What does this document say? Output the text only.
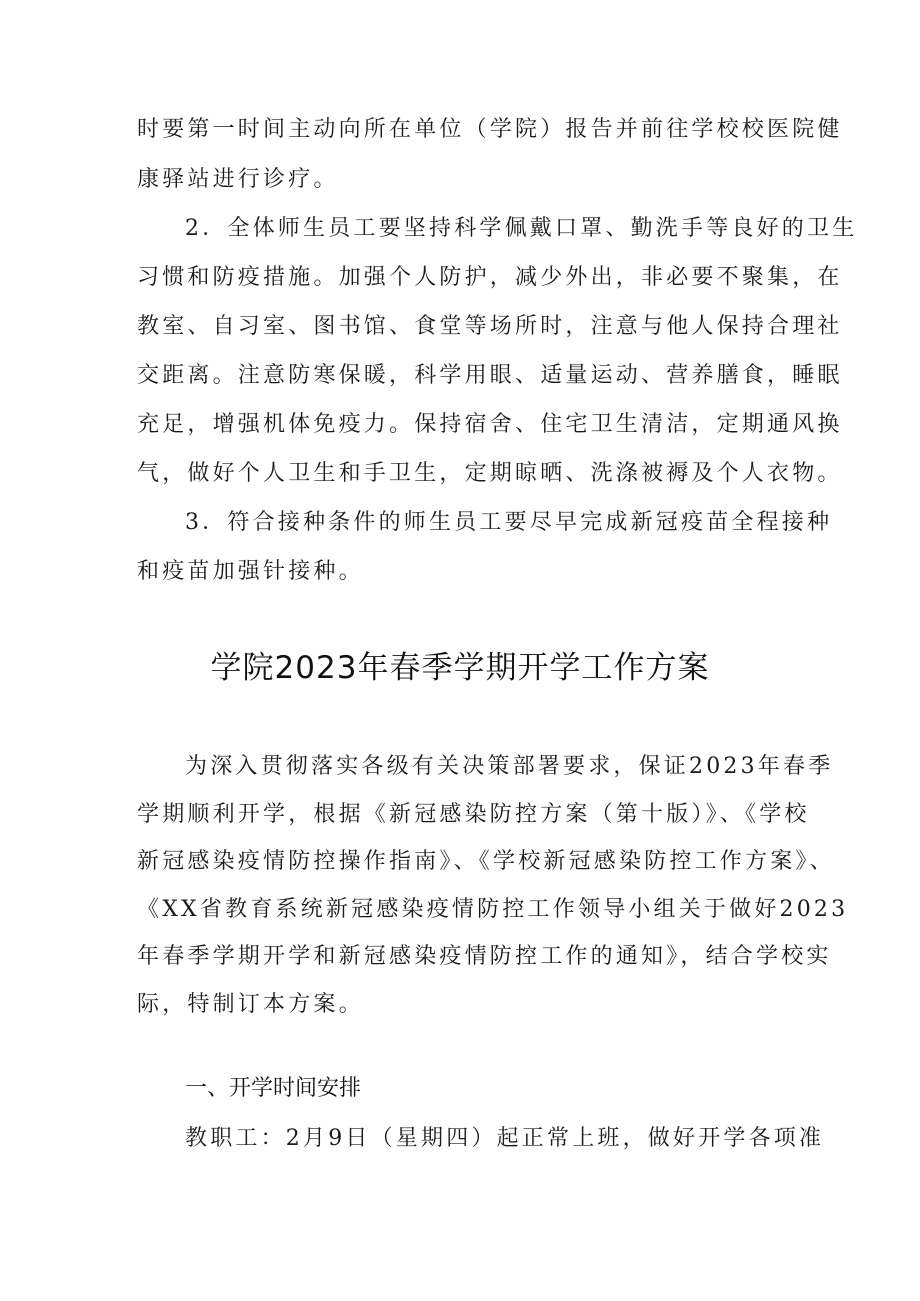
时要第一时间主动向所在单位（学院）报告并前往学校校医院健
康驿站进行诊疗。
2．全体师生员工要坚持科学佩戴口罩、勤洗手等良好的卫生
习惯和防疫措施。加强个人防护，减少外出，非必要不聚集，在
教室、自习室、图书馆、食堂等场所时，注意与他人保持合理社
交距离。注意防寒保暖，科学用眼、适量运动、营养膳食，睡眠
充足，增强机体免疫力。保持宿舍、住宅卫生清洁，定期通风换
气，做好个人卫生和手卫生，定期晾晒、洗涤被褥及个人衣物。
3．符合接种条件的师生员工要尽早完成新冠疫苗全程接种
和疫苗加强针接种。
学院2023年春季学期开学工作方案
为深入贯彻落实各级有关决策部署要求，保证2023年春季
学期顺利开学，根据《新冠感染防控方案（第十版）》、《学校
新冠感染疫情防控操作指南》、《学校新冠感染防控工作方案》、
《XX省教育系统新冠感染疫情防控工作领导小组关于做好2023
年春季学期开学和新冠感染疫情防控工作的通知》，结合学校实
际，特制订本方案。
一、开学时间安排
教职工：2月9日（星期四）起正常上班，做好开学各项准
